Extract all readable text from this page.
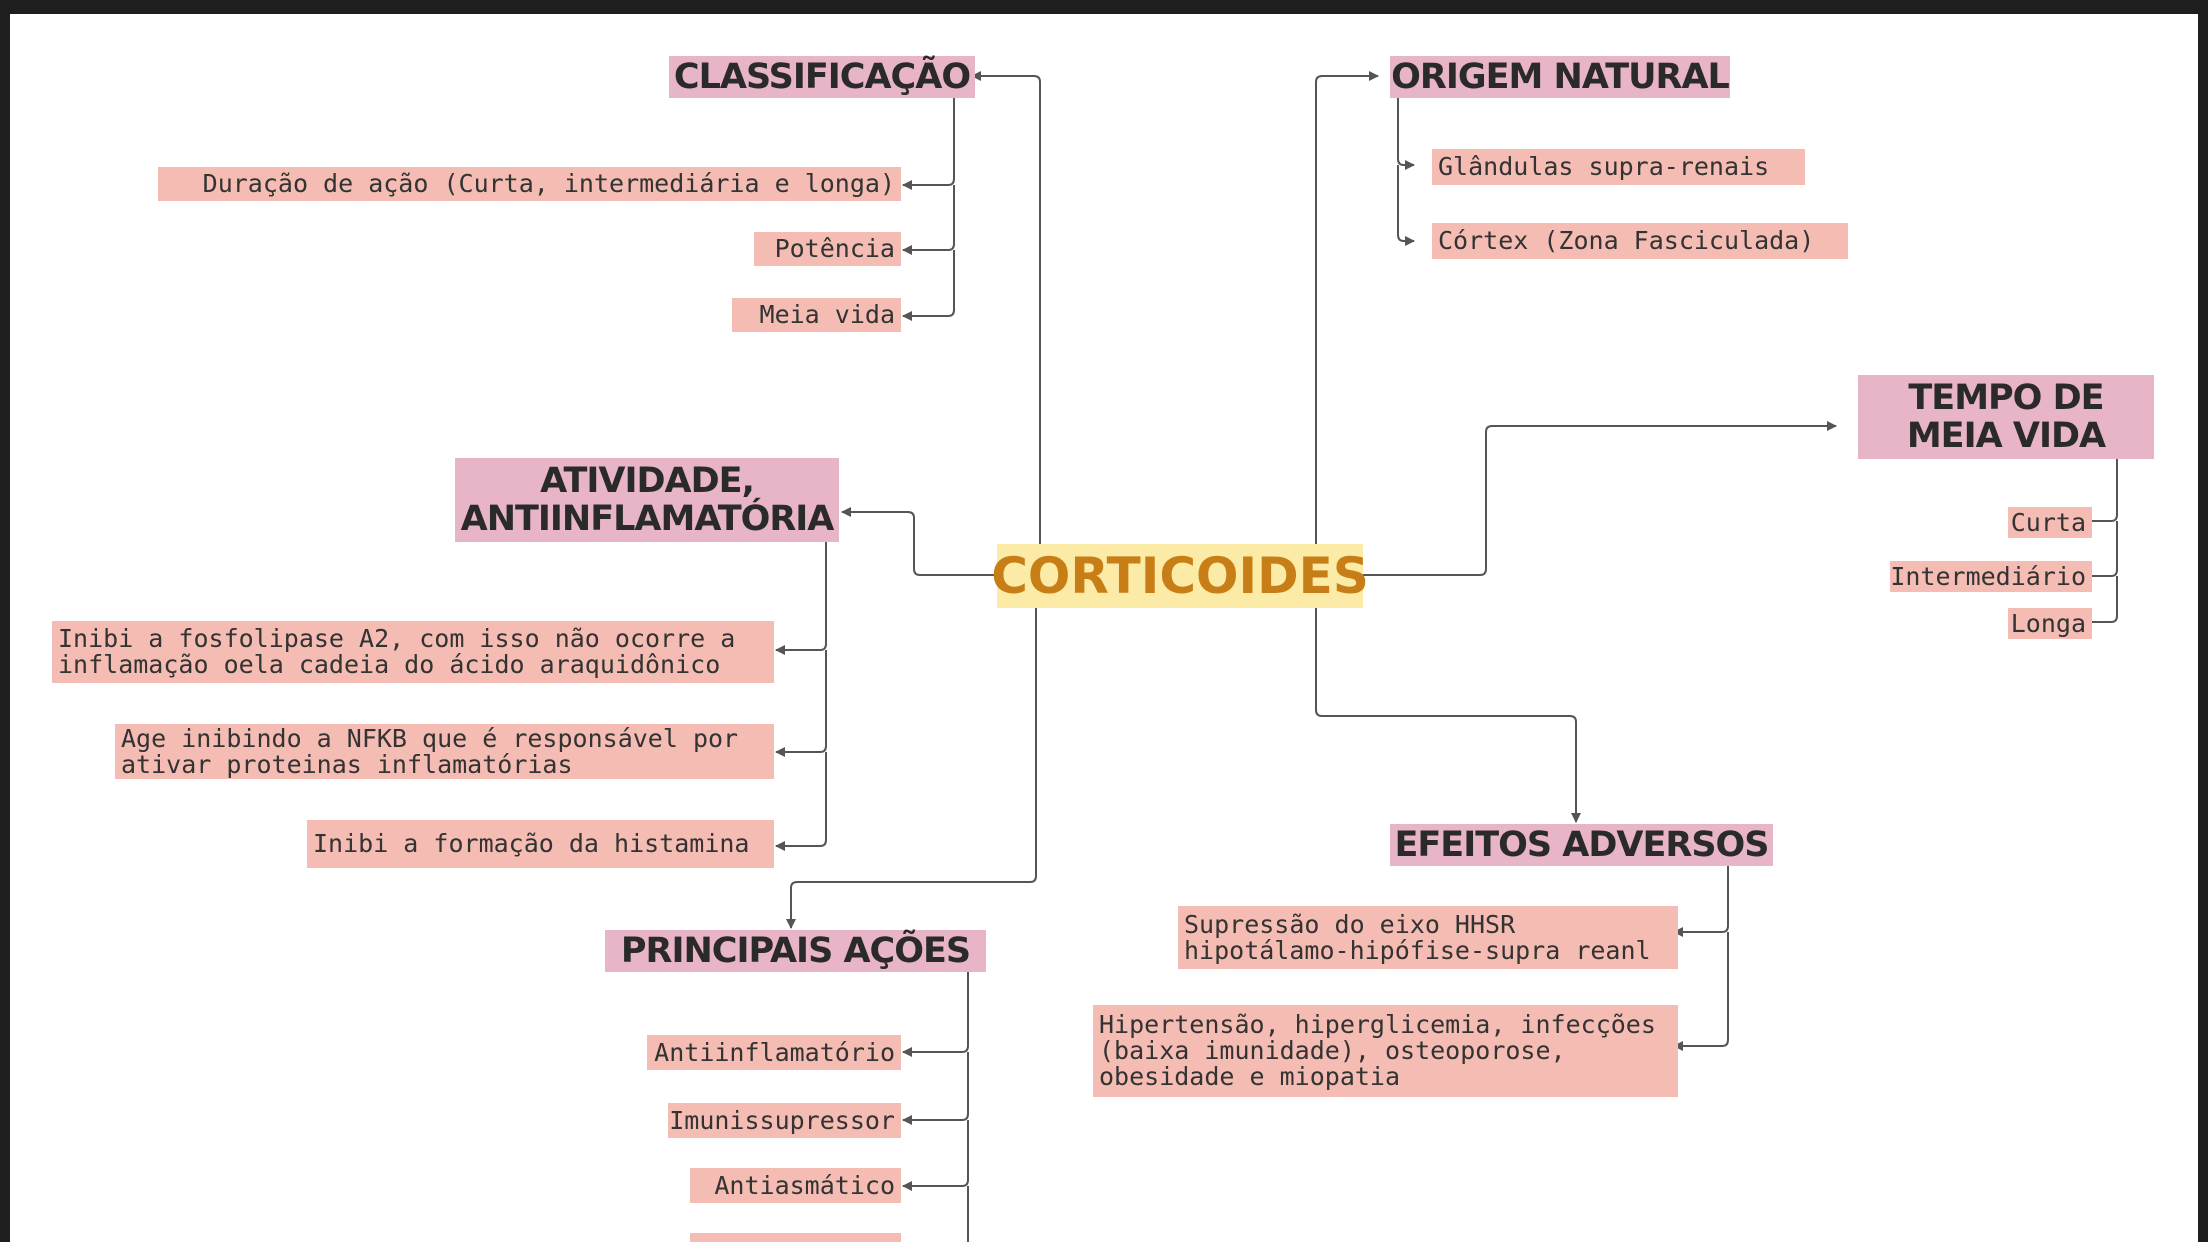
CORTICOIDES
CLASSIFICAÇÃO
Duração de ação (Curta, intermediária e longa)
Potência
Meia vida
ORIGEM NATURAL
Glândulas supra-renais
Córtex (Zona Fasciculada)
TEMPO DE MEIA VIDA
Curta
Intermediário
Longa
ATIVIDADE, ANTIINFLAMATÓRIA
Inibi a fosfolipase A2, com isso não ocorre a inflamação oela cadeia do ácido araquidônico
Age inibindo a NFKB que é responsável por ativar proteinas inflamatórias
Inibi a formação da histamina	EFEITOS ADVERSOS
Supressão do eixo HHSR hipotálamo-hipófise-supra reanl
Hipertensão, hiperglicemia, infecções (baixa imunidade), osteoporose, obesidade e miopatia
PRINCIPAIS AÇÕES
Antiinflamatório
Imunissupressor
Antiasmático
